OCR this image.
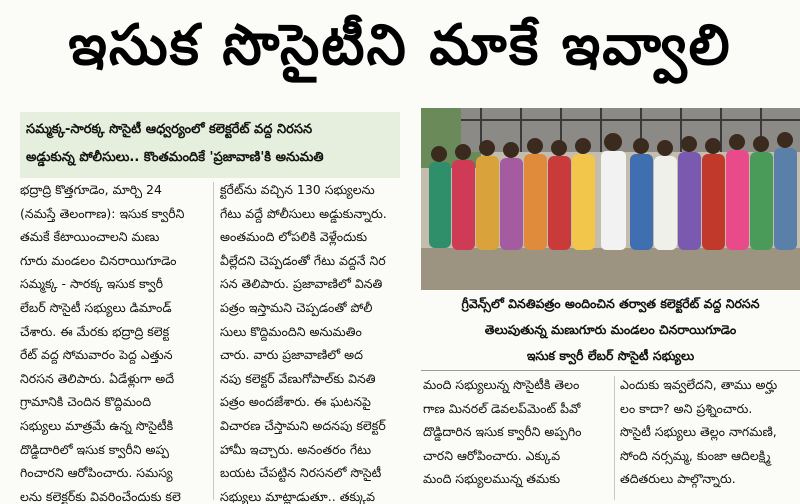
ఇసుక సొసైటీని మాకే ఇవ్వాలి
సమ్మక్క-సారక్క సొసైటీ ఆధ్వర్యంలో కలెక్టరేట్ వద్ద నిరసన
అడ్డుకున్న పోలీసులు.. కొంతమందికే 'ప్రజావాణి'కి అనుమతి
గ్రీవెన్స్‌లో వినతిపత్రం అందించిన తర్వాత కలెక్టరేట్ వద్ద నిరసన
తెలుపుతున్న మణుగూరు మండలం చినరాయిగూడెం
ఇసుక క్వారీ లేబర్ సొసైటీ సభ్యులు
భద్రాద్రి కొత్తగూడెం, మార్చి 24
(నమస్తే తెలంగాణ): ఇసుక క్వారీని
తమకే కేటాయించాలని మణు
గూరు మండలం చినరాయిగూడెం
సమ్మక్క - సారక్క ఇసుక క్వారీ
లేబర్ సొసైటీ సభ్యులు డిమాండ్
చేశారు. ఈ మేరకు భద్రాద్రి కలెక్ట
రేట్ వద్ద సోమవారం పెద్ద ఎత్తున
నిరసన తెలిపారు. ఏడేళ్లుగా అదే
గ్రామానికి చెందిన కొద్దిమంది
సభ్యులు మాత్రమే ఉన్న సొసైటీకి
దొడ్డిదారిలో ఇసుక క్వారీని అప్ప
గించారని ఆరోపించారు. సమస్య
లను కలెక్టర్‌కు వివరించేందుకు కలె
క్టరేట్‌ను వచ్చిన 130 సభ్యులను
గేటు వద్దే పోలీసులు అడ్డుకున్నారు.
అంతమంది లోపలికి వెళ్లేందుకు
వీల్లేదని చెప్పడంతో గేటు వద్దనే నిర
సన తెలిపారు. ప్రజావాణిలో వినతి
పత్రం ఇస్తామని చెప్పడంతో పోలీ
సులు కొద్దిమందిని అనుమతిం
చారు. వారు ప్రజావాణిలో అద
నపు కలెక్టర్ వేణుగోపాల్‌కు వినతి
పత్రం అందజేశారు. ఈ ఘటనపై
విచారణ చేస్తామని అదనపు కలెక్టర్
హామీ ఇచ్చారు. అనంతరం గేటు
బయట చేపట్టిన నిరసనలో సొసైటీ
సభ్యులు మాట్లాడుతూ.. తక్కువ
మంది సభ్యులున్న సొసైటీకి తెలం
గాణ మినరల్ డెవలప్‌మెంట్ పీవో
దొడ్డిదారిన ఇసుక క్వారీని అప్పగిం
చారని ఆరోపించారు. ఎక్కువ
మంది సభ్యులమున్న తమకు
ఎందుకు ఇవ్వలేదని, తాము అర్హు
లం కాదా? అని ప్రశ్నించారు.
సొసైటీ సభ్యులు తెల్లం నాగమణి,
సోంది నర్సమ్మ, కుంజా ఆదిలక్ష్మి
తదితరులు పాల్గొన్నారు.
